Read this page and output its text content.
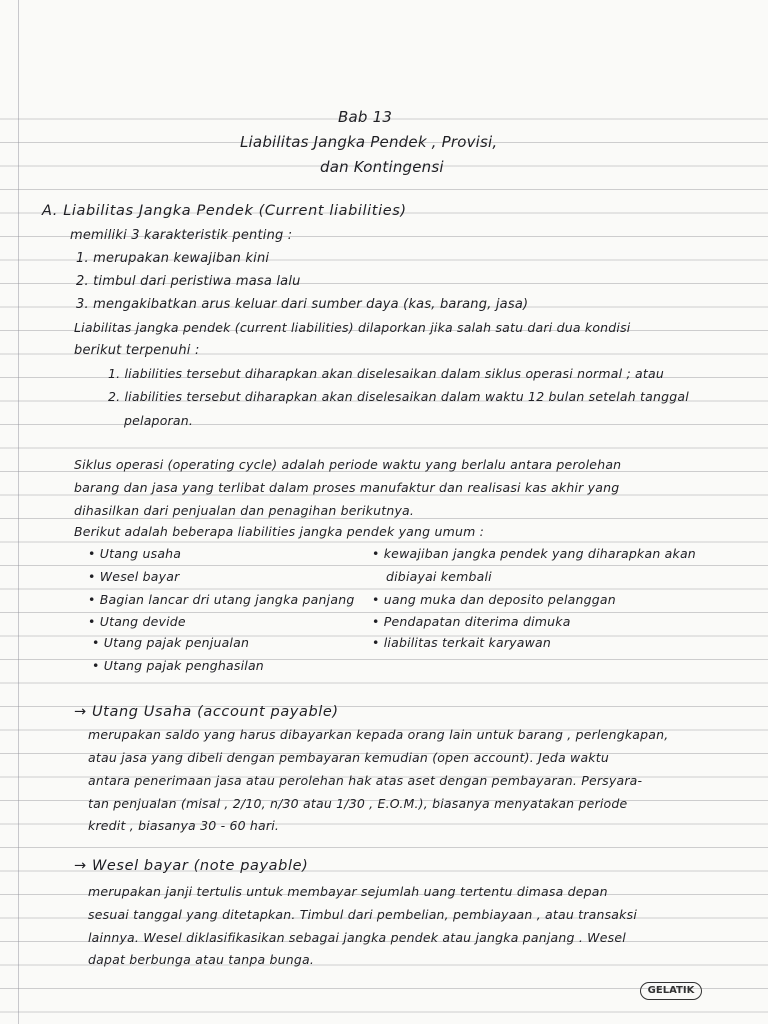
Bab 13
Liabilitas Jangka Pendek , Provisi,
dan Kontingensi
A. Liabilitas Jangka Pendek (Current liabilities)
memiliki 3 karakteristik penting :
1. merupakan kewajiban kini
2. timbul dari peristiwa masa lalu
3. mengakibatkan arus keluar dari sumber daya (kas, barang, jasa)
Liabilitas jangka pendek (current liabilities) dilaporkan jika salah satu dari dua kondisi
berikut terpenuhi :
1. liabilities tersebut diharapkan akan diselesaikan dalam siklus operasi normal ; atau
2. liabilities tersebut diharapkan akan diselesaikan dalam waktu 12 bulan setelah tanggal
pelaporan.
Siklus operasi (operating cycle) adalah periode waktu yang berlalu antara perolehan
barang dan jasa yang terlibat dalam proses manufaktur dan realisasi kas akhir yang
dihasilkan dari penjualan dan penagihan berikutnya.
Berikut adalah beberapa liabilities jangka pendek yang umum :
• Utang usaha
• Wesel bayar
• Bagian lancar dri utang jangka panjang
• Utang devide
• Utang pajak penjualan
• Utang pajak penghasilan
• kewajiban jangka pendek yang diharapkan akan
dibiayai kembali
• uang muka dan deposito pelanggan
• Pendapatan diterima dimuka
• liabilitas terkait karyawan
→ Utang Usaha (account payable)
merupakan saldo yang harus dibayarkan kepada orang lain untuk barang , perlengkapan,
atau jasa yang dibeli dengan pembayaran kemudian (open account). Jeda waktu
antara penerimaan jasa atau perolehan hak atas aset dengan pembayaran. Persyara-
tan penjualan (misal , 2/10, n/30 atau 1/30 , E.O.M.), biasanya menyatakan periode
kredit , biasanya 30 - 60 hari.
→ Wesel bayar (note payable)
merupakan janji tertulis untuk membayar sejumlah uang tertentu dimasa depan
sesuai tanggal yang ditetapkan. Timbul dari pembelian, pembiayaan , atau transaksi
lainnya. Wesel diklasifikasikan sebagai jangka pendek atau jangka panjang . Wesel
dapat berbunga atau tanpa bunga.
GELATIK
